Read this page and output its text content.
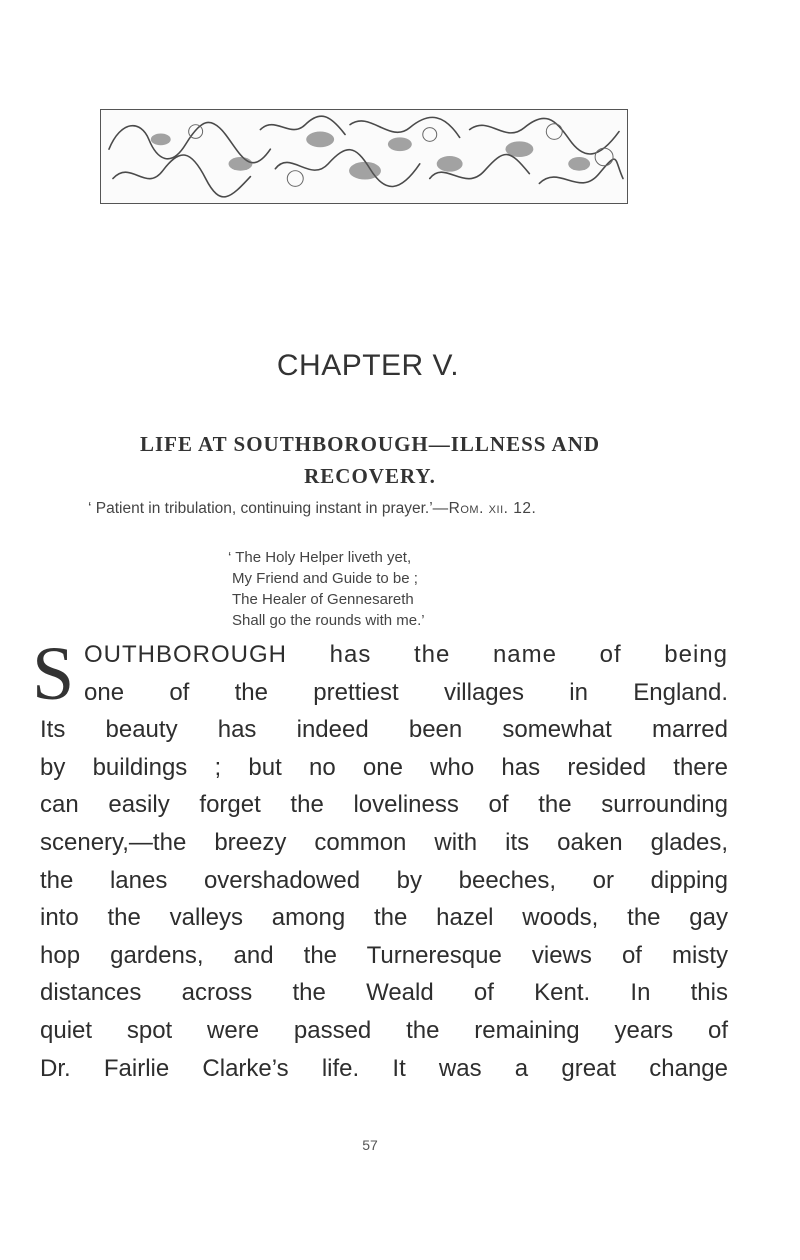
CHAPTER V.
LIFE AT SOUTHBOROUGH—ILLNESS AND
RECOVERY.

‘ Patient in tribulation, continuing instant in prayer.’—Rom. xii. 12.

‘ The Holy Helper liveth yet,
My Friend and Guide to be ;
The Healer of Gennesareth
Shall go the rounds with me.’
S OUTHBOROUGH has the name of being
one of the prettiest villages in England.
Its beauty has indeed been somewhat marred
by buildings ; but no one who has resided there
can easily forget the loveliness of the surrounding
scenery,—the breezy common with its oaken glades,
the lanes overshadowed by beeches, or dipping
into the valleys among the hazel woods, the gay
hop gardens, and the Turneresque views of misty
distances across the Weald of Kent. In this
quiet spot were passed the remaining years of
Dr. Fairlie Clarke’s life. It was a great change
57
